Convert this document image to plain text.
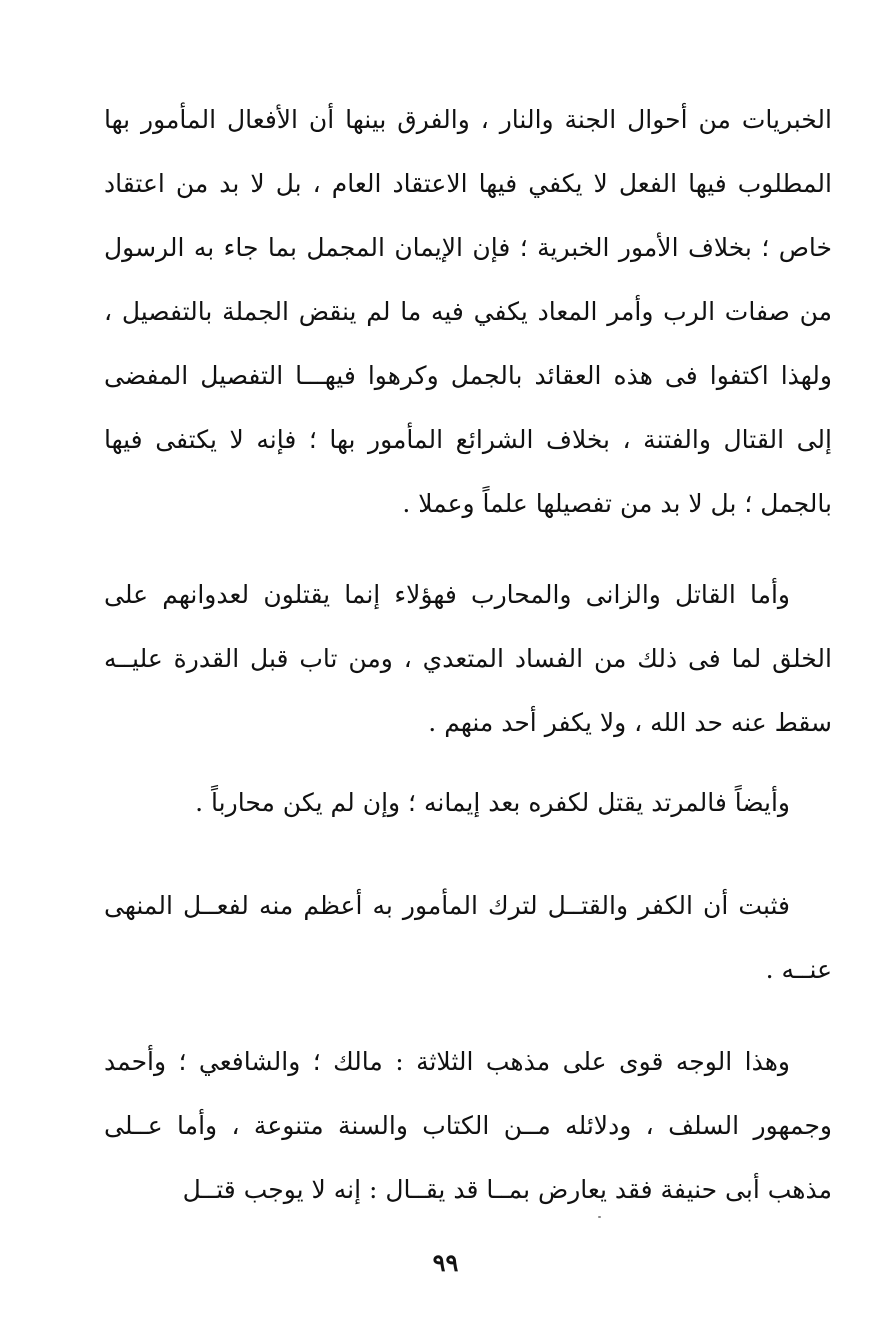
الخبريات من أحوال الجنة والنار ، والفرق بينها أن الأفعال المأمور بها المطلوب فيها الفعل لا يكفي فيها الاعتقاد العام ، بل لا بد من اعتقاد خاص ؛ بخلاف الأمور الخبرية ؛ فإن الإيمان المجمل بما جاء به الرسول من صفات الرب وأمر المعاد يكفي فيه ما لم ينقض الجملة بالتفصيل ، ولهذا اكتفوا فى هذه العقائد بالجمل وكرهوا فيهـــا التفصيل المفضى إلى القتال والفتنة ، بخلاف الشرائع المأمور بها ؛ فإنه لا يكتفى فيها بالجمل ؛ بل لا بد من تفصيلها علماً وعملا .

وأما القاتل والزانى والمحارب فهؤلاء إنما يقتلون لعدوانهم على الخلق لما فى ذلك من الفساد المتعدي ، ومن تاب قبل القدرة عليــه سقط عنه حد الله ، ولا يكفر أحد منهم .

وأيضاً فالمرتد يقتل لكفره بعد إيمانه ؛ وإن لم يكن محارباً .

فثبت أن الكفر والقتــل لترك المأمور به أعظم منه لفعــل المنهى عنــه .

وهذا الوجه قوى على مذهب الثلاثة : مالك ؛ والشافعي ؛ وأحمد وجمهور السلف ، ودلائله مــن الكتاب والسنة متنوعة ، وأما عــلى مذهب أبى حنيفة فقد يعارض بمــا قد يقــال : إنه لا يوجب قتــل

٩٩
